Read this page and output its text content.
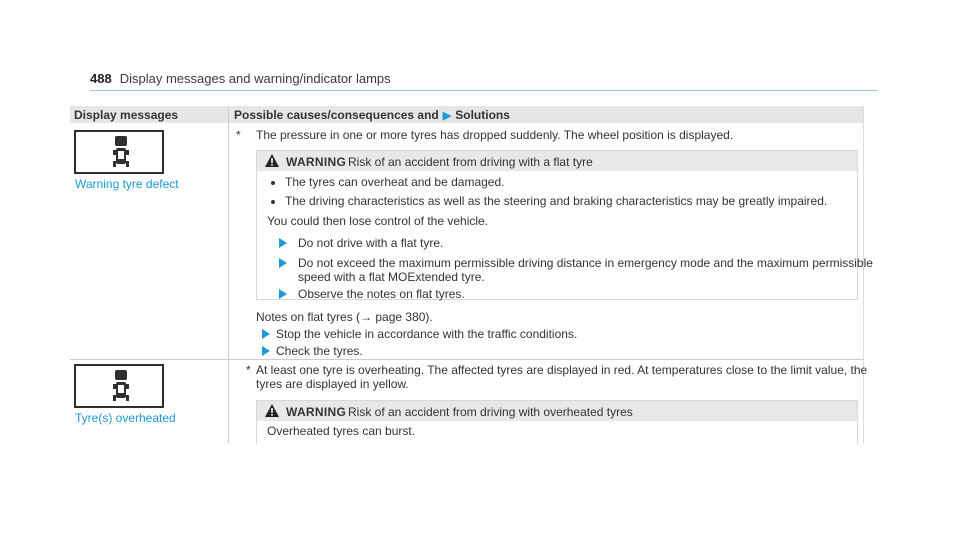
488 Display messages and warning/indicator lamps
Display messages	Possible causes/consequences and ▶ Solutions
Warning tyre defect
* The pressure in one or more tyres has dropped suddenly. The wheel position is displayed.
WARNING Risk of an accident from driving with a flat tyre
The tyres can overheat and be damaged.
The driving characteristics as well as the steering and braking characteristics may be greatly impaired.
You could then lose control of the vehicle.
Do not drive with a flat tyre.
Do not exceed the maximum permissible driving distance in emergency mode and the maximum permissible
speed with a flat MOExtended tyre.
Observe the notes on flat tyres.
Notes on flat tyres (→ page 380).
Stop the vehicle in accordance with the traffic conditions.
Check the tyres.
Tyre(s) overheated
* At least one tyre is overheating. The affected tyres are displayed in red. At temperatures close to the limit value, the
tyres are displayed in yellow.
WARNING Risk of an accident from driving with overheated tyres
Overheated tyres can burst.
